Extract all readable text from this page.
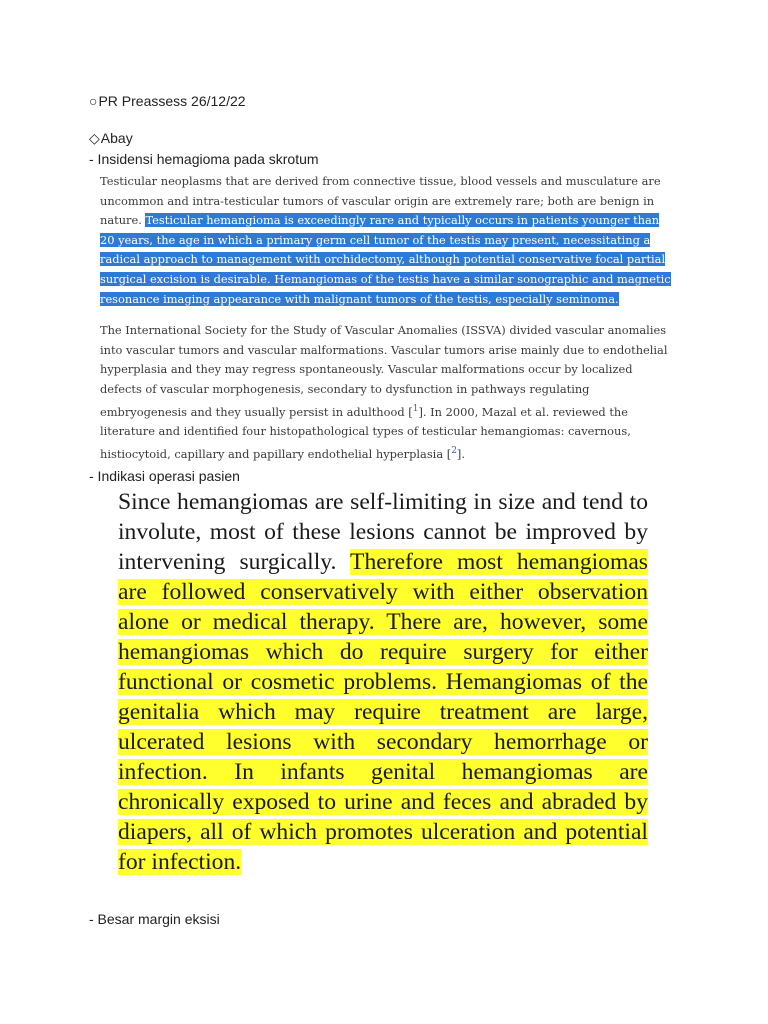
○PR Preassess 26/12/22
◇Abay
- Insidensi hemagioma pada skrotum

Testicular neoplasms that are derived from connective tissue, blood vessels and musculature are uncommon and intra-testicular tumors of vascular origin are extremely rare; both are benign in nature. Testicular hemangioma is exceedingly rare and typically occurs in patients younger than 20 years, the age in which a primary germ cell tumor of the testis may present, necessitating a radical approach to management with orchidectomy, although potential conservative focal partial surgical excision is desirable. Hemangiomas of the testis have a similar sonographic and magnetic resonance imaging appearance with malignant tumors of the testis, especially seminoma.

The International Society for the Study of Vascular Anomalies (ISSVA) divided vascular anomalies into vascular tumors and vascular malformations. Vascular tumors arise mainly due to endothelial hyperplasia and they may regress spontaneously. Vascular malformations occur by localized defects of vascular morphogenesis, secondary to dysfunction in pathways regulating embryogenesis and they usually persist in adulthood [$^1$]. In 2000, Mazal et al. reviewed the literature and identified four histopathological types of testicular hemangiomas: cavernous, histiocytoid, capillary and papillary endothelial hyperplasia [$^2$].

- Indikasi operasi pasien
Since hemangiomas are self-limiting in size and tend to involute, most of these lesions cannot be improved by intervening surgically. Therefore most hemangiomas are followed conservatively with either observation alone or medical therapy. There are, however, some hemangiomas which do require surgery for either functional or cosmetic problems. Hemangiomas of the genitalia which may require treatment are large, ulcerated lesions with secondary hemorrhage or infection. In infants genital hemangiomas are chronically exposed to urine and feces and abraded by diapers, all of which promotes ulceration and potential for infection.
- Besar margin eksisi
